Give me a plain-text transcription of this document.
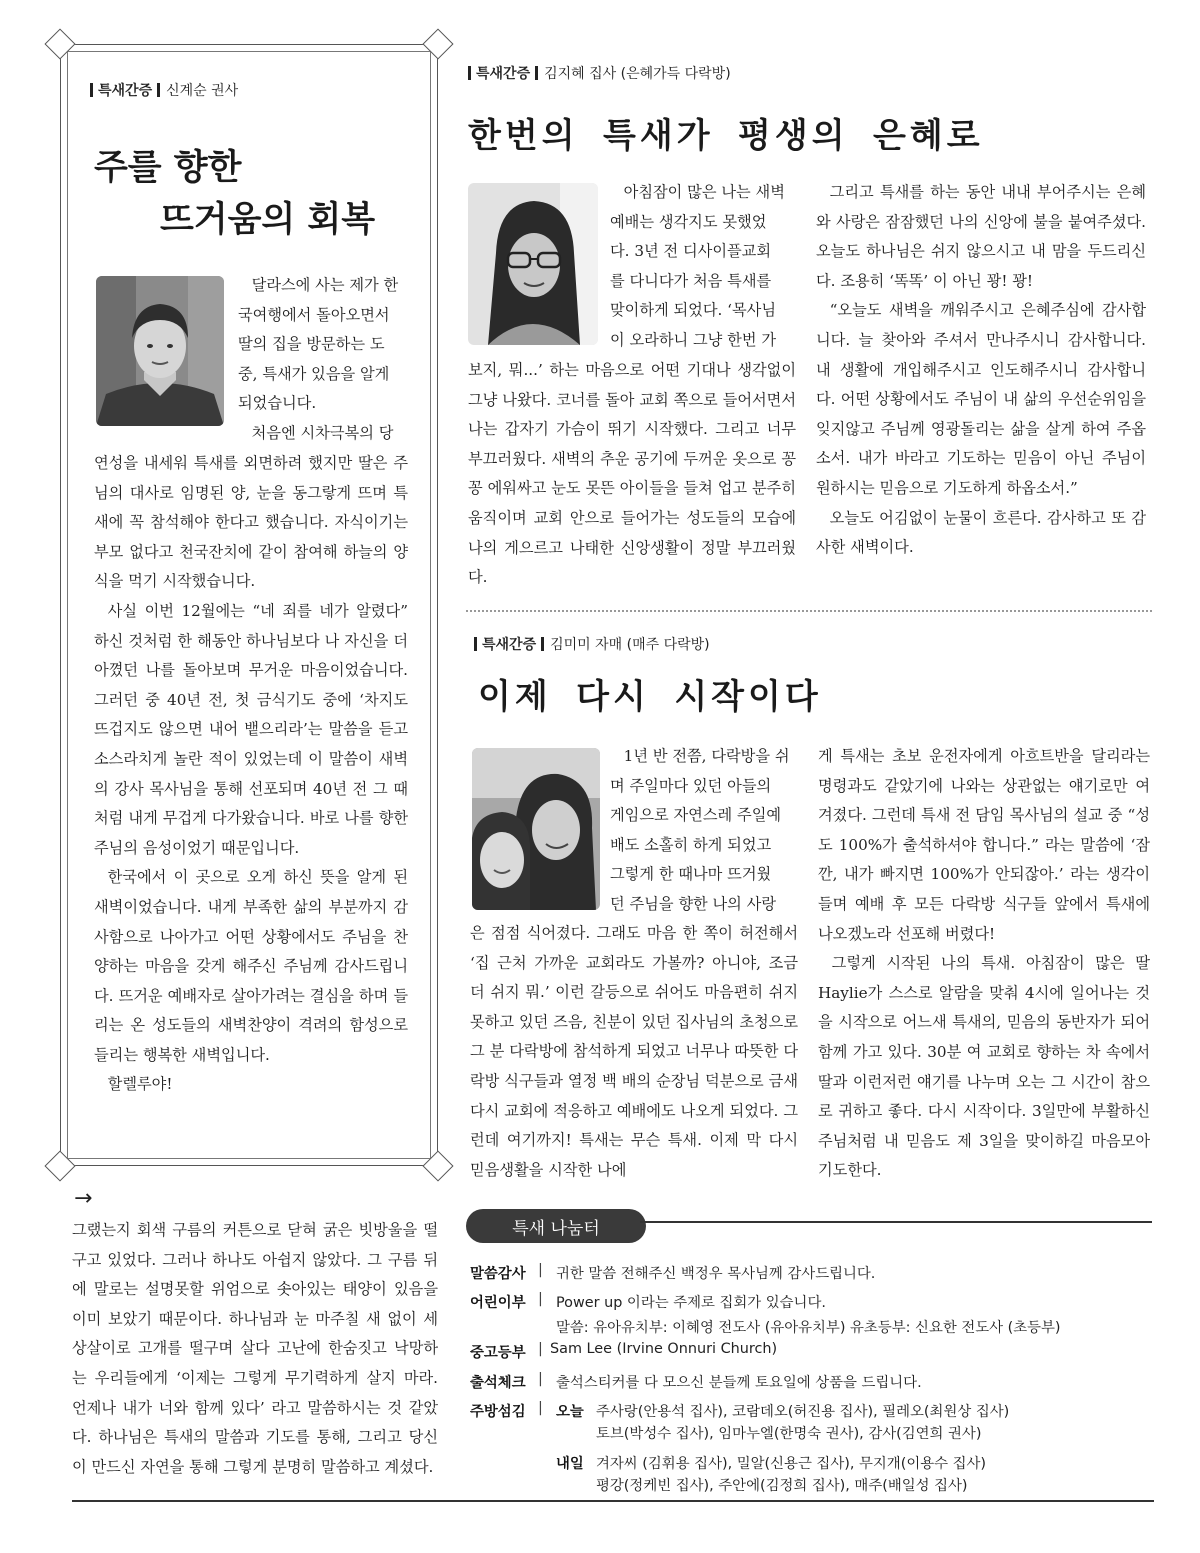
특새간증 신계순 권사
주를 향한
뜨거움의 회복
달라스에 사는 제가 한
국여행에서 돌아오면서
딸의 집을 방문하는 도
중, 특새가 있음을 알게
되었습니다.
처음엔 시차극복의 당
연성을 내세워 특새를 외면하려 했지만 딸은 주님의 대사로 임명된 양, 눈을 동그랗게 뜨며 특새에 꼭 참석해야 한다고 했습니다. 자식이기는 부모 없다고 천국잔치에 같이 참여해 하늘의 양식을 먹기 시작했습니다.

사실 이번 12월에는 “네 죄를 네가 알렸다” 하신 것처럼 한 해동안 하나님보다 나 자신을 더 아꼈던 나를 돌아보며 무거운 마음이었습니다. 그러던 중 40년 전, 첫 금식기도 중에 ‘차지도 뜨겁지도 않으면 내어 뱉으리라’는 말씀을 듣고 소스라치게 놀란 적이 있었는데 이 말씀이 새벽의 강사 목사님을 통해 선포되며 40년 전 그 때처럼 내게 무겁게 다가왔습니다. 바로 나를 향한 주님의 음성이었기 때문입니다.

한국에서 이 곳으로 오게 하신 뜻을 알게 된 새벽이었습니다. 내게 부족한 삶의 부분까지 감사함으로 나아가고 어떤 상황에서도 주님을 찬양하는 마음을 갖게 해주신 주님께 감사드립니다. 뜨거운 예배자로 살아가려는 결심을 하며 들리는 온 성도들의 새벽찬양이 격려의 함성으로 들리는 행복한 새벽입니다.

할렐루야!

특새간증 김지혜 집사 (은혜가득 다락방)
한번의 특새가 평생의 은혜로
아침잠이 많은 나는 새벽
예배는 생각지도 못했었
다. 3년 전 디사이플교회
를 다니다가 처음 특새를
맞이하게 되었다. ‘목사님
이 오라하니 그냥 한번 가
보지, 뭐...’ 하는 마음으로 어떤 기대나 생각없이 그냥 나왔다. 코너를 돌아 교회 쪽으로 들어서면서 나는 갑자기 가슴이 뛰기 시작했다. 그리고 너무 부끄러웠다. 새벽의 추운 공기에 두꺼운 옷으로 꽁꽁 에워싸고 눈도 못뜬 아이들을 들쳐 업고 분주히 움직이며 교회 안으로 들어가는 성도들의 모습에 나의 게으르고 나태한 신앙생활이 정말 부끄러웠다.

그리고 특새를 하는 동안 내내 부어주시는 은혜와 사랑은 잠잠했던 나의 신앙에 불을 붙여주셨다. 오늘도 하나님은 쉬지 않으시고 내 맘을 두드리신다. 조용히 ‘똑똑’ 이 아닌 꽝! 꽝!

“오늘도 새벽을 깨워주시고 은혜주심에 감사합니다. 늘 찾아와 주셔서 만나주시니 감사합니다. 내 생활에 개입해주시고 인도해주시니 감사합니다. 어떤 상황에서도 주님이 내 삶의 우선순위임을 잊지않고 주님께 영광돌리는 삶을 살게 하여 주옵소서. 내가 바라고 기도하는 믿음이 아닌 주님이 원하시는 믿음으로 기도하게 하옵소서.”

오늘도 어김없이 눈물이 흐른다. 감사하고 또 감사한 새벽이다.

특새간증 김미미 자매 (매주 다락방)
이제 다시 시작이다
1년 반 전쯤, 다락방을 쉬
며 주일마다 있던 아들의
게임으로 자연스레 주일예
배도 소홀히 하게 되었고
그렇게 한 때나마 뜨거웠
던 주님을 향한 나의 사랑
은 점점 식어졌다. 그래도 마음 한 쪽이 허전해서 ‘집 근처 가까운 교회라도 가볼까? 아니야, 조금 더 쉬지 뭐.’ 이런 갈등으로 쉬어도 마음편히 쉬지 못하고 있던 즈음, 친분이 있던 집사님의 초청으로 그 분 다락방에 참석하게 되었고 너무나 따뜻한 다락방 식구들과 열정 백 배의 순장님 덕분으로 금새 다시 교회에 적응하고 예배에도 나오게 되었다. 그런데 여기까지! 특새는 무슨 특새. 이제 막 다시 믿음생활을 시작한 나에
게 특새는 초보 운전자에게 아흐트반을 달리라는 명령과도 같았기에 나와는 상관없는 얘기로만 여겨졌다. 그런데 특새 전 담임 목사님의 설교 중 “성도 100%가 출석하셔야 합니다.” 라는 말씀에 ‘잠깐, 내가 빠지면 100%가 안되잖아.’ 라는 생각이 들며 예배 후 모든 다락방 식구들 앞에서 특새에 나오겠노라 선포해 버렸다!

그렇게 시작된 나의 특새. 아침잠이 많은 딸 Haylie가 스스로 알람을 맞춰 4시에 일어나는 것을 시작으로 어느새 특새의, 믿음의 동반자가 되어 함께 가고 있다. 30분 여 교회로 향하는 차 속에서 딸과 이런저런 얘기를 나누며 오는 그 시간이 참으로 귀하고 좋다. 다시 시작이다. 3일만에 부활하신 주님처럼 내 믿음도 제 3일을 맞이하길 마음모아 기도한다.

→
그랬는지 회색 구름의 커튼으로 닫혀 굵은 빗방울을 떨구고 있었다. 그러나 하나도 아쉽지 않았다. 그 구름 뒤에 말로는 설명못할 위엄으로 솟아있는 태양이 있음을 이미 보았기 때문이다. 하나님과 눈 마주칠 새 없이 세상살이로 고개를 떨구며 살다 고난에 한숨짓고 낙망하는 우리들에게 ‘이제는 그렇게 무기력하게 살지 마라. 언제나 내가 너와 함께 있다’ 라고 말씀하시는 것 같았다. 하나님은 특새의 말씀과 기도를 통해, 그리고 당신이 만드신 자연을 통해 그렇게 분명히 말씀하고 계셨다.
특새 나눔터
말씀감사 | 귀한 말씀 전해주신 백정우 목사님께 감사드립니다.
어린이부 | Power up 이라는 주제로 집회가 있습니다.
말씀: 유아유치부: 이혜영 전도사 (유아유치부) 유초등부: 신요한 전도사 (초등부)
중고등부 | Sam Lee (Irvine Onnuri Church)
출석체크 | 출석스티커를 다 모으신 분들께 토요일에 상품을 드립니다.
주방섬김 | 오늘 주사랑(안용석 집사), 코람데오(허진용 집사), 필레오(최원상 집사)
토브(박성수 집사), 임마누엘(한명숙 권사), 감사(김연희 권사)
내일 겨자씨 (김휘용 집사), 밀알(신용근 집사), 무지개(이용수 집사)
평강(정케빈 집사), 주안에(김정희 집사), 매주(배일성 집사)
